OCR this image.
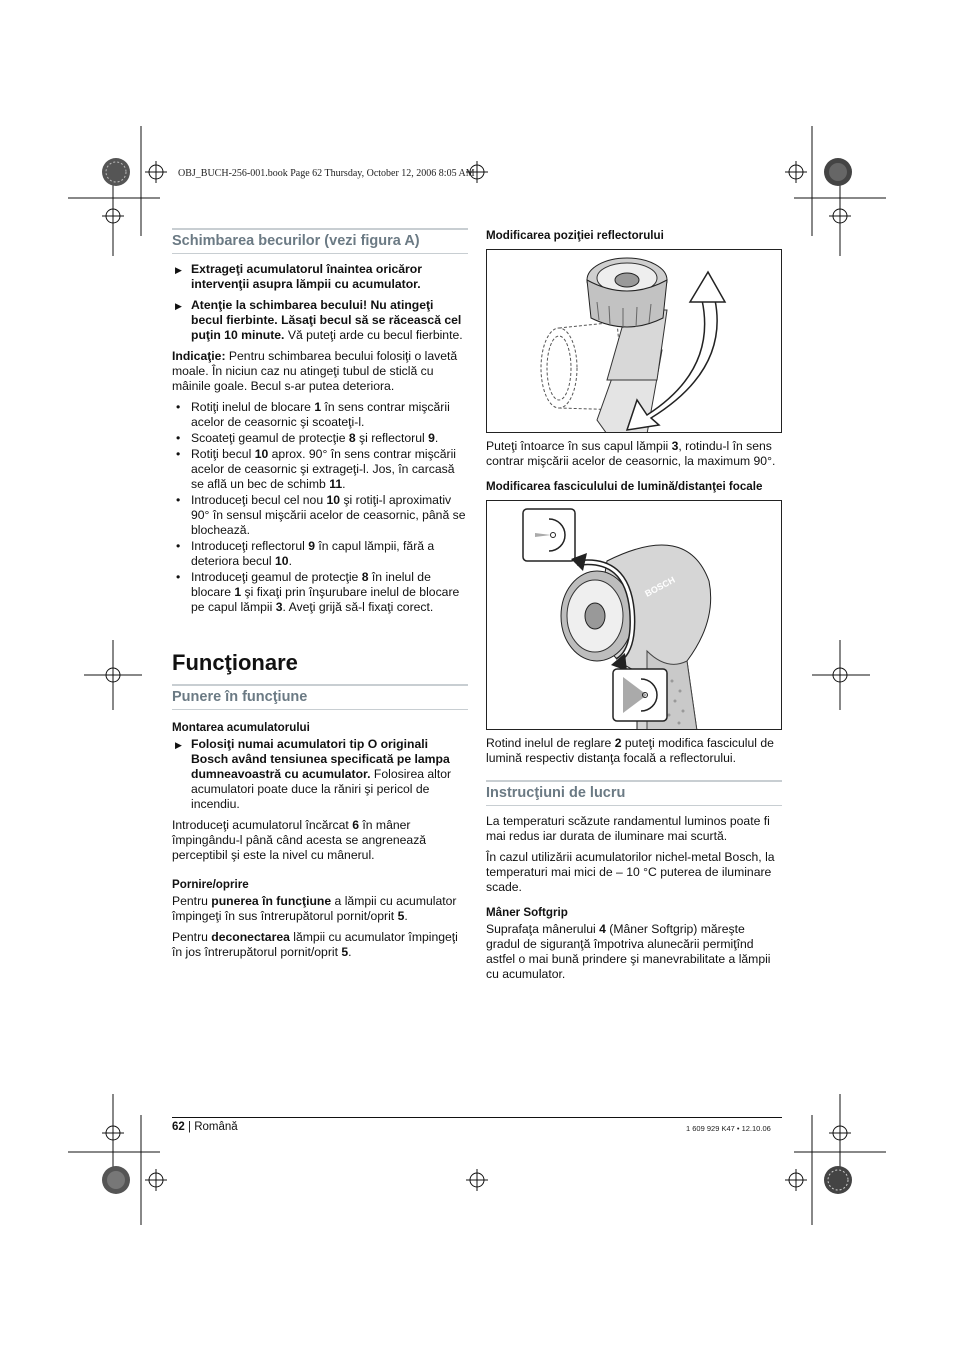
OBJ_BUCH-256-001.book Page 62 Thursday, October 12, 2006 8:05 AM
Schimbarea becurilor (vezi figura A)
▶ Extrageţi acumulatorul înaintea oricăror intervenţii asupra lămpii cu acumulator.
▶ Atenţie la schimbarea becului! Nu atingeţi becul fierbinte. Lăsaţi becul să se răcească cel puţin 10 minute. Vă puteţi arde cu becul fierbinte.
Indicaţie: Pentru schimbarea becului folosiţi o lavetă moale. În niciun caz nu atingeţi tubul de sticlă cu mâinile goale. Becul s-ar putea deteriora.
• Rotiţi inelul de blocare 1 în sens contrar mişcării acelor de ceasornic şi scoateţi-l.
• Scoateţi geamul de protecţie 8 şi reflectorul 9.
• Rotiţi becul 10 aprox. 90° în sens contrar mişcării acelor de ceasornic şi extrageţi-l. Jos, în carcasă se află un bec de schimb 11.
• Introduceţi becul cel nou 10 şi rotiţi-l aproximativ 90° în sensul mişcării acelor de ceasornic, până se blochează.
• Introduceţi reflectorul 9 în capul lămpii, fără a deteriora becul 10.
• Introduceţi geamul de protecţie 8 în inelul de blocare 1 şi fixaţi prin înşurubare inelul de blocare pe capul lămpii 3. Aveţi grijă să-l fixaţi corect.
Funcţionare
Punere în funcţiune
Montarea acumulatorului
▶ Folosiţi numai acumulatori tip O originali Bosch având tensiunea specificată pe lampa dumneavoastră cu acumulator. Folosirea altor acumulatori poate duce la răniri şi pericol de incendiu.
Introduceţi acumulatorul încărcat 6 în mâner împingându-l până când acesta se angrenează perceptibil şi este la nivel cu mânerul.
Pornire/oprire
Pentru punerea în funcţiune a lămpii cu acumulator împingeţi în sus întrerupătorul pornit/oprit 5.
Pentru deconectarea lămpii cu acumulator împingeţi în jos întrerupătorul pornit/oprit 5.
Modificarea poziţiei reflectorului
Puteţi întoarce în sus capul lămpii 3, rotindu-l în sens contrar mişcării acelor de ceasornic, la maximum 90°.
Modificarea fasciculului de lumină/distanţei focale
BOSCH
Rotind inelul de reglare 2 puteţi modifica fasciculul de lumină respectiv distanţa focală a reflectorului.
Instrucţiuni de lucru
La temperaturi scăzute randamentul luminos poate fi mai redus iar durata de iluminare mai scurtă.
În cazul utilizării acumulatorilor nichel-metal Bosch, la temperaturi mai mici de – 10 °C puterea de iluminare scade.
Mâner Softgrip
Suprafaţa mânerului 4 (Mâner Softgrip) măreşte gradul de siguranţă împotriva alunecării permiţînd astfel o mai bună prindere şi manevrabilitate a lămpii cu acumulator.
62 | Română	1 609 929 K47 • 12.10.06
